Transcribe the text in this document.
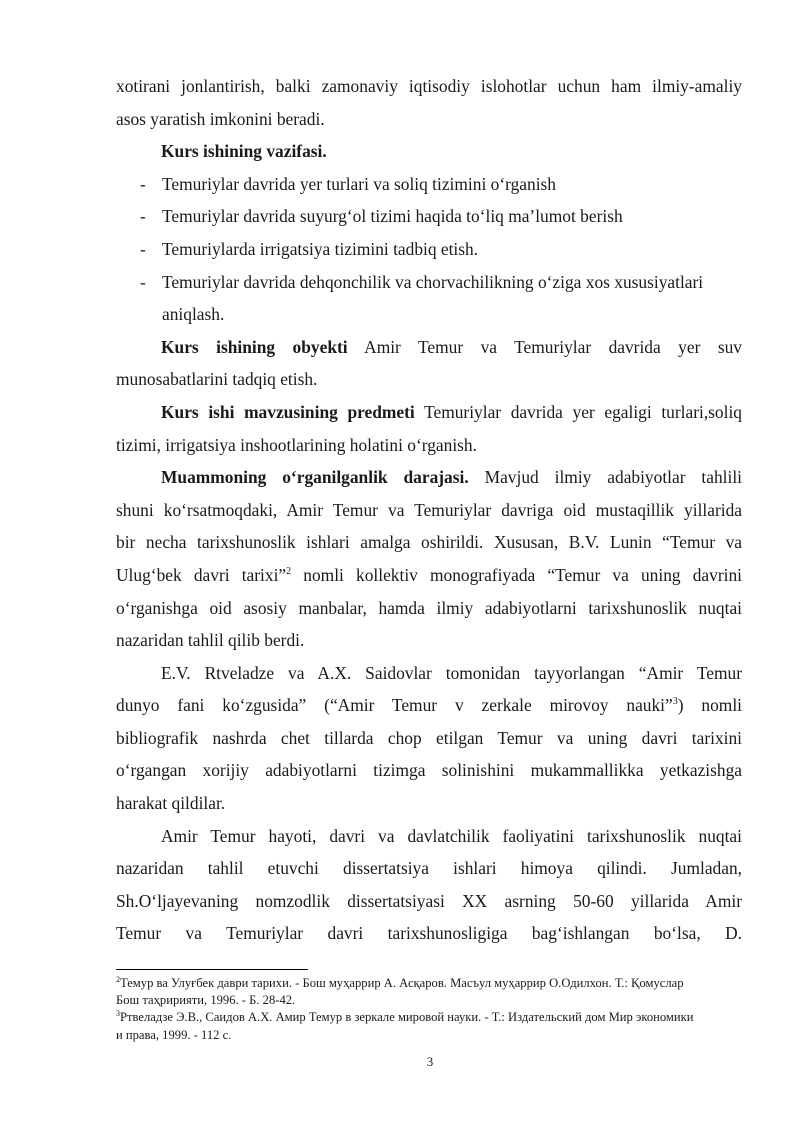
xotirani jonlantirish, balki zamonaviy iqtisodiy islohotlar uchun ham ilmiy-amaliy
asos yaratish imkonini beradi.
Kurs ishining vazifasi.
- Temuriylar davrida yer turlari va soliq tizimini o‘rganish
- Temuriylar davrida suyurg‘ol tizimi haqida to‘liq ma’lumot berish
- Temuriylarda irrigatsiya tizimini tadbiq etish.
- Temuriylar davrida dehqonchilik va chorvachilikning o‘ziga xos xususiyatlari
aniqlash.
Kurs ishining obyekti Amir Temur va Temuriylar davrida yer suv
munosabatlarini tadqiq etish.
Kurs ishi mavzusining predmeti Temuriylar davrida yer egaligi turlari,soliq
tizimi, irrigatsiya inshootlarining holatini o‘rganish.
Muammoning o‘rganilganlik darajasi. Mavjud ilmiy adabiyotlar tahlili
shuni ko‘rsatmoqdaki, Amir Temur va Temuriylar davriga oid mustaqillik yillarida
bir necha tarixshunoslik ishlari amalga oshirildi. Xususan, B.V. Lunin “Temur va
Ulug‘bek davri tarixi”$^2$ nomli kollektiv monografiyada “Temur va uning davrini
o‘rganishga oid asosiy manbalar, hamda ilmiy adabiyotlarni tarixshunoslik nuqtai
nazaridan tahlil qilib berdi.
E.V. Rtveladze va A.X. Saidovlar tomonidan tayyorlangan “Amir Temur
dunyo fani ko‘zgusida” (“Amir Temur v zerkale mirovoy nauki”$^3$) nomli
bibliografik nashrda chet tillarda chop etilgan Temur va uning davri tarixini
o‘rgangan xorijiy adabiyotlarni tizimga solinishini mukammallikka yetkazishga
harakat qildilar.
Amir Temur hayoti, davri va davlatchilik faoliyatini tarixshunoslik nuqtai
nazaridan tahlil etuvchi dissertatsiya ishlari himoya qilindi. Jumladan,
Sh.O‘ljayevaning nomzodlik dissertatsiyasi XX asrning 50-60 yillarida Amir
Temur va Temuriylar davri tarixshunosligiga bag‘ishlangan bo‘lsa, D.
$^2$Темур ва Улуғбек даври тарихи. - Бош муҳаррир А. Асқаров. Масъул муҳаррир О.Одилхон. Т.: Қомуслар
Бош таҳририяти, 1996. - Б. 28-42.
$^3$Ртвеладзе Э.В., Саидов А.Х. Амир Темур в зеркале мировой науки. - Т.: Издательский дом Мир экономики
и права, 1999. - 112 с.
3
